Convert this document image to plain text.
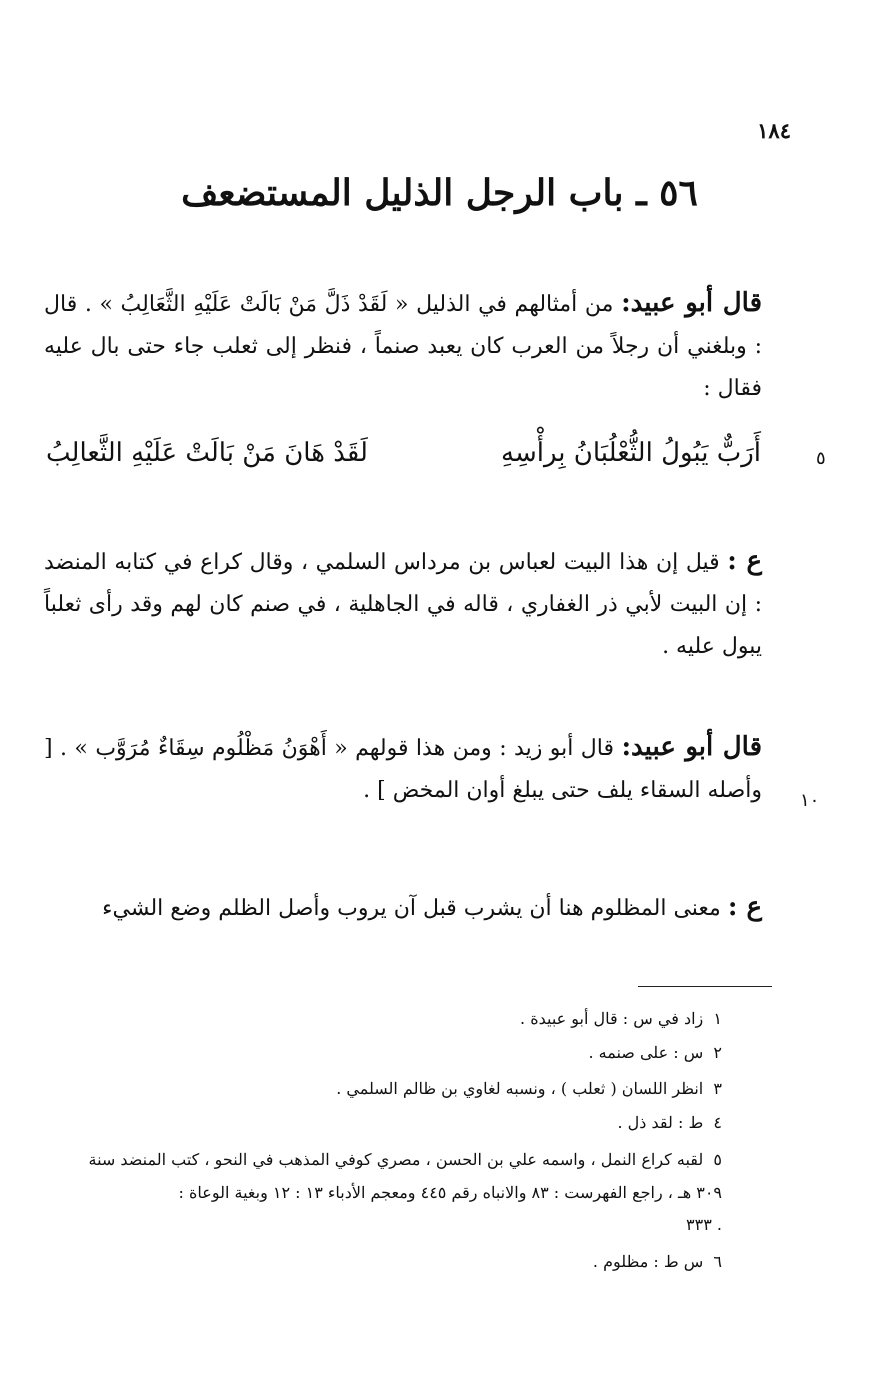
١٨٤
٥٦ ـ باب الرجل الذليل المستضعف
قال أبو عبيد: من أمثالهم في الذليل « لَقَدْ ذَلَّ مَنْ بَالَتْ عَلَيْهِ الثَّعَالِبُ » . قال : وبلغني أن رجلاً من العرب كان يعبد صنماً ، فنظر إلى ثعلب جاء حتى بال عليه فقال :
أَرَبٌّ يَبُولُ الثُّعْلُبَانُ بِرأْسِهِ
لَقَدْ هَانَ مَنْ بَالَتْ عَلَيْهِ الثَّعالِبُ	٥
ع : قيل إن هذا البيت لعباس بن مرداس السلمي ، وقال كراع في كتابه المنضد : إن البيت لأبي ذر الغفاري ، قاله في الجاهلية ، في صنم كان لهم وقد رأى ثعلباً يبول عليه .
قال أبو عبيد: قال أبو زيد : ومن هذا قولهم « أَهْوَنُ مَظْلُوم سِقَاءٌ مُرَوَّب » . [ وأصله السقاء يلف حتى يبلغ أوان المخض ] . ١٠
ع : معنى المظلوم هنا أن يشرب قبل آن يروب وأصل الظلم وضع الشيء
١  زاد في س : قال أبو عبيدة .
٢  س : على صنمه .
٣  انظر اللسان ( ثعلب ) ، ونسبه لغاوي بن ظالم السلمي .
٤  ط : لقد ذل .
٥  لقبه كراع النمل ، واسمه علي بن الحسن ، مصري كوفي المذهب في النحو ، كتب المنضد سنة
٣٠٩ هـ ، راجع الفهرست : ٨٣ والانباه رقم ٤٤٥ ومعجم الأدباء ١٣ : ١٢ وبغية الوعاة :
٣٣٣ .
٦  س ط : مظلوم .
